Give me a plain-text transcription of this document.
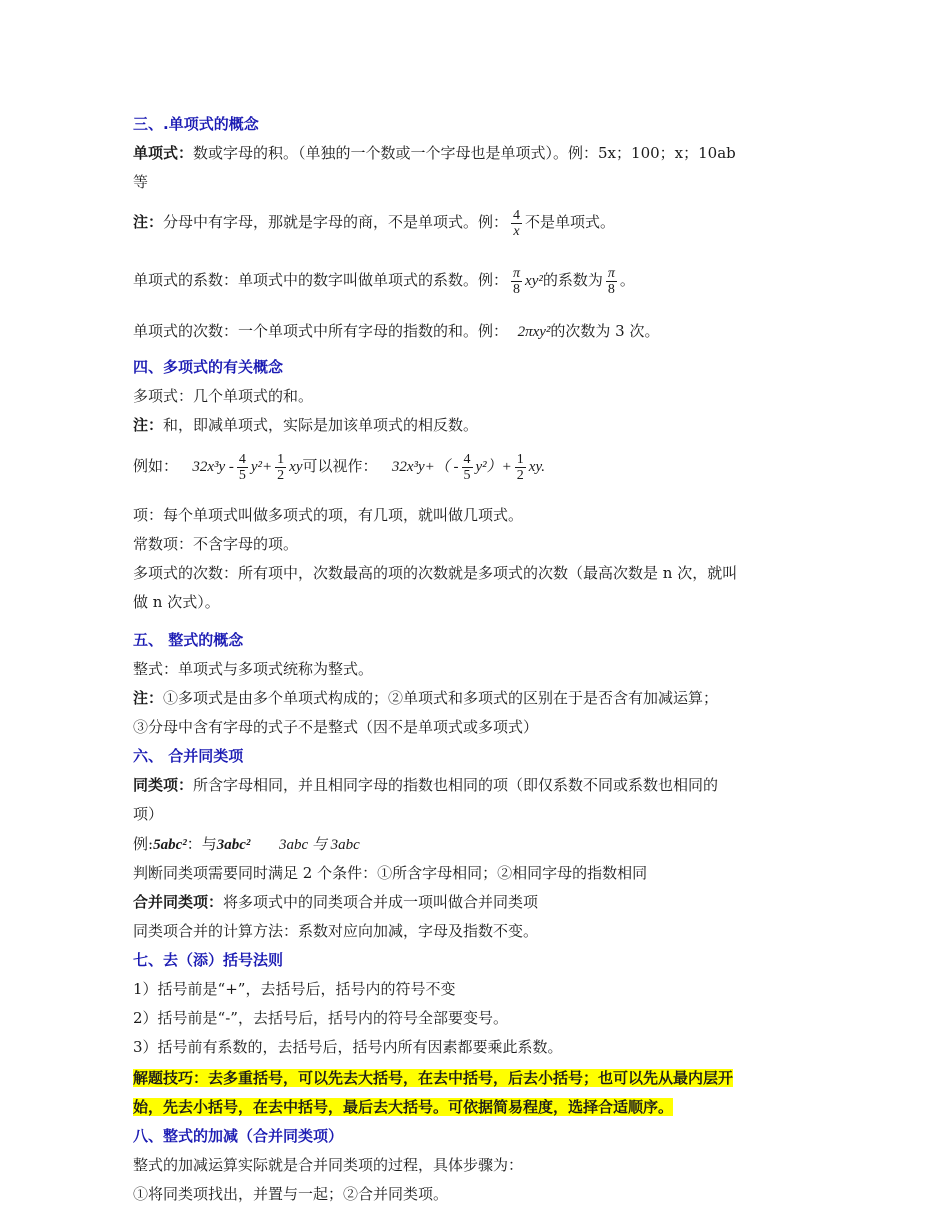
三、.单项式的概念
单项式：数或字母的积。（单独的一个数或一个字母也是单项式）。例：5x；100；x；10ab
等
注：分母中有字母，那就是字母的商，不是单项式。例： $\frac{4}{x}$ 不是单项式。
单项式的系数：单项式中的数字叫做单项式的系数。例： $\frac{\pi}{8} xy^2$的系数为 $\frac{\pi}{8}$ 。
单项式的次数：一个单项式中所有字母的指数的和。例： 2πxy²的次数为 3 次。
四、多项式的有关概念
多项式：几个单项式的和。
注：和，即减单项式，实际是加该单项式的相反数。
例如： $32x^3y - \frac{4}{5} y^2+ \frac{1}{2}$ xy可以视作： $32x^3y+( - \frac{4}{5} y^2)+ \frac{1}{2}$ xy.
项：每个单项式叫做多项式的项，有几项，就叫做几项式。
常数项：不含字母的项。
多项式的次数：所有项中，次数最高的项的次数就是多项式的次数（最高次数是 n 次，就叫
做 n 次式）。
五、 整式的概念
整式：单项式与多项式统称为整式。
注：①多项式是由多个单项式构成的；②单项式和多项式的区别在于是否含有加减运算；
③分母中含有字母的式子不是整式（因不是单项式或多项式）
六、 合并同类项
同类项：所含字母相同，并且相同字母的指数也相同的项（即仅系数不同或系数也相同的
项）
例:5abc²：与3abc² 3abc 与 3abc
判断同类项需要同时满足 2 个条件：①所含字母相同；②相同字母的指数相同
合并同类项：将多项式中的同类项合并成一项叫做合并同类项
同类项合并的计算方法：系数对应向加减，字母及指数不变。
七、去（添）括号法则
1）括号前是“+”，去括号后，括号内的符号不变
2）括号前是“-”，去括号后，括号内的符号全部要变号。
3）括号前有系数的，去括号后，括号内所有因素都要乘此系数。
解题技巧：去多重括号，可以先去大括号，在去中括号，后去小括号；也可以先从最内层开
始，先去小括号，在去中括号，最后去大括号。可依据简易程度，选择合适顺序。
八、整式的加减（合并同类项）
整式的加减运算实际就是合并同类项的过程，具体步骤为：
①将同类项找出，并置与一起；②合并同类项。
